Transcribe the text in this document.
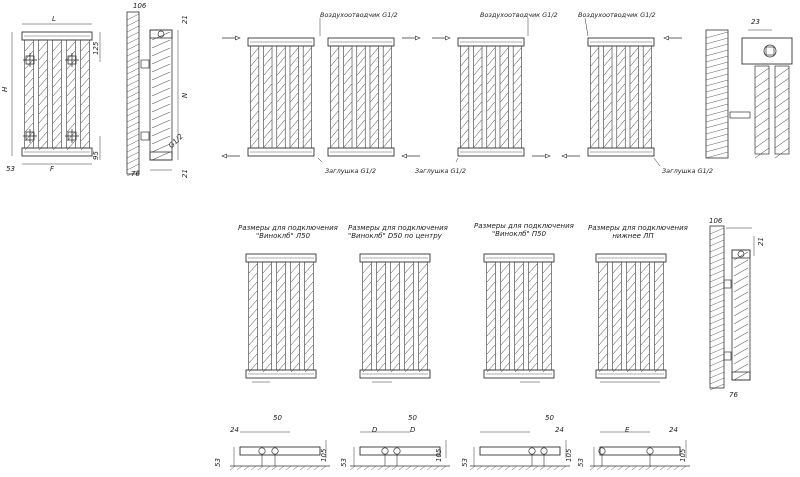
L
H
125
95
53	F
106
21
N
G1/2
76	21
Воздухоотводчик G1/2	Воздухоотводчик G1/2	Воздухоотводчик G1/2
Заглушка G1/2	Заглушка G1/2	Заглушка G1/2
23
Размеры для подключения
"Виноклб" Л50
Размеры для подключения
"Виноклб" D50 по центру
Размеры для подключения
"Виноклб" П50
Размеры для подключения
нижнее ЛП
106
21
76
24
50
53
105
D
50
D
53
105
50
24
53
105
E	24
53
105
